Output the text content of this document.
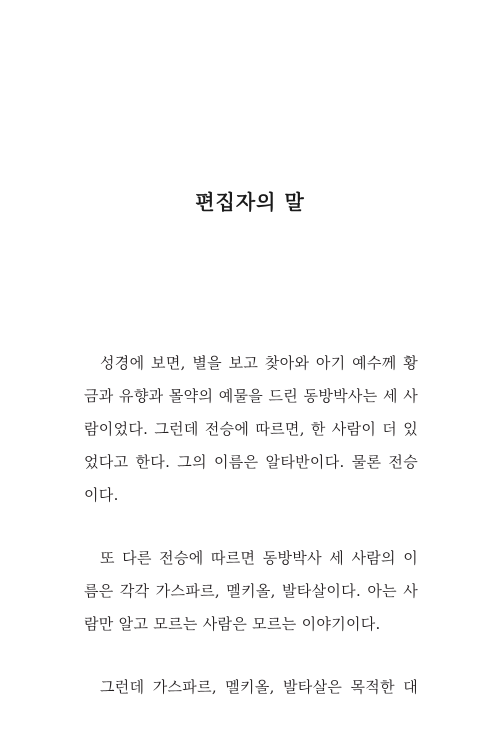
편집자의 말
성경에 보면, 별을 보고 찾아와 아기 예수께 황
금과 유향과 몰약의 예물을 드린 동방박사는 세 사
람이었다. 그런데 전승에 따르면, 한 사람이 더 있
었다고 한다. 그의 이름은 알타반이다. 물론 전승
이다.
또 다른 전승에 따르면 동방박사 세 사람의 이
름은 각각 가스파르, 멜키올, 발타살이다. 아는 사
람만 알고 모르는 사람은 모르는 이야기이다.
그런데 가스파르, 멜키올, 발타살은 목적한 대
